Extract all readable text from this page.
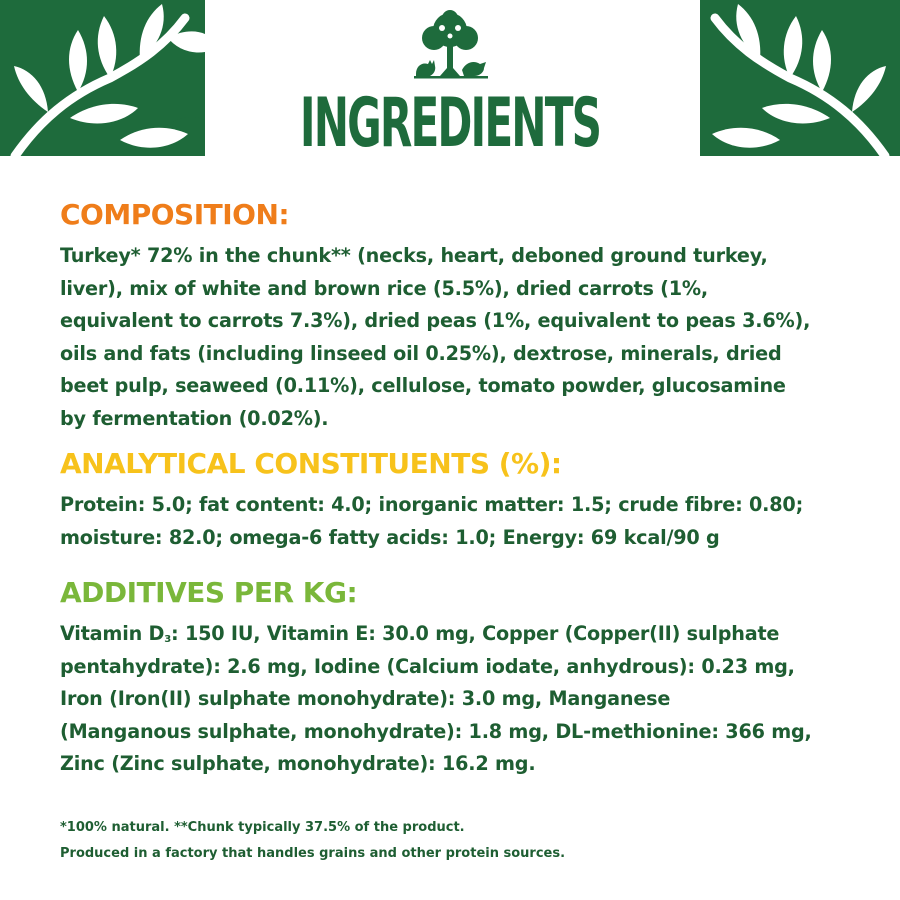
INGREDIENTS
COMPOSITION:

Turkey* 72% in the chunk** (necks, heart, deboned ground turkey,
liver), mix of white and brown rice (5.5%), dried carrots (1%,
equivalent to carrots 7.3%), dried peas (1%, equivalent to peas 3.6%),
oils and fats (including linseed oil 0.25%), dextrose, minerals, dried
beet pulp, seaweed (0.11%), cellulose, tomato powder, glucosamine
by fermentation (0.02%).

ANALYTICAL CONSTITUENTS (%):

Protein: 5.0; fat content: 4.0; inorganic matter: 1.5; crude fibre: 0.80;
moisture: 82.0; omega-6 fatty acids: 1.0; Energy: 69 kcal/90 g

ADDITIVES PER KG:

Vitamin $D_3$: 150 IU, Vitamin E: 30.0 mg, Copper (Copper(II) sulphate
pentahydrate): 2.6 mg, Iodine (Calcium iodate, anhydrous): 0.23 mg,
Iron (Iron(II) sulphate monohydrate): 3.0 mg, Manganese
(Manganous sulphate, monohydrate): 1.8 mg, DL-methionine: 366 mg,
Zinc (Zinc sulphate, monohydrate): 16.2 mg.

*100% natural. **Chunk typically 37.5% of the product.
Produced in a factory that handles grains and other protein sources.
